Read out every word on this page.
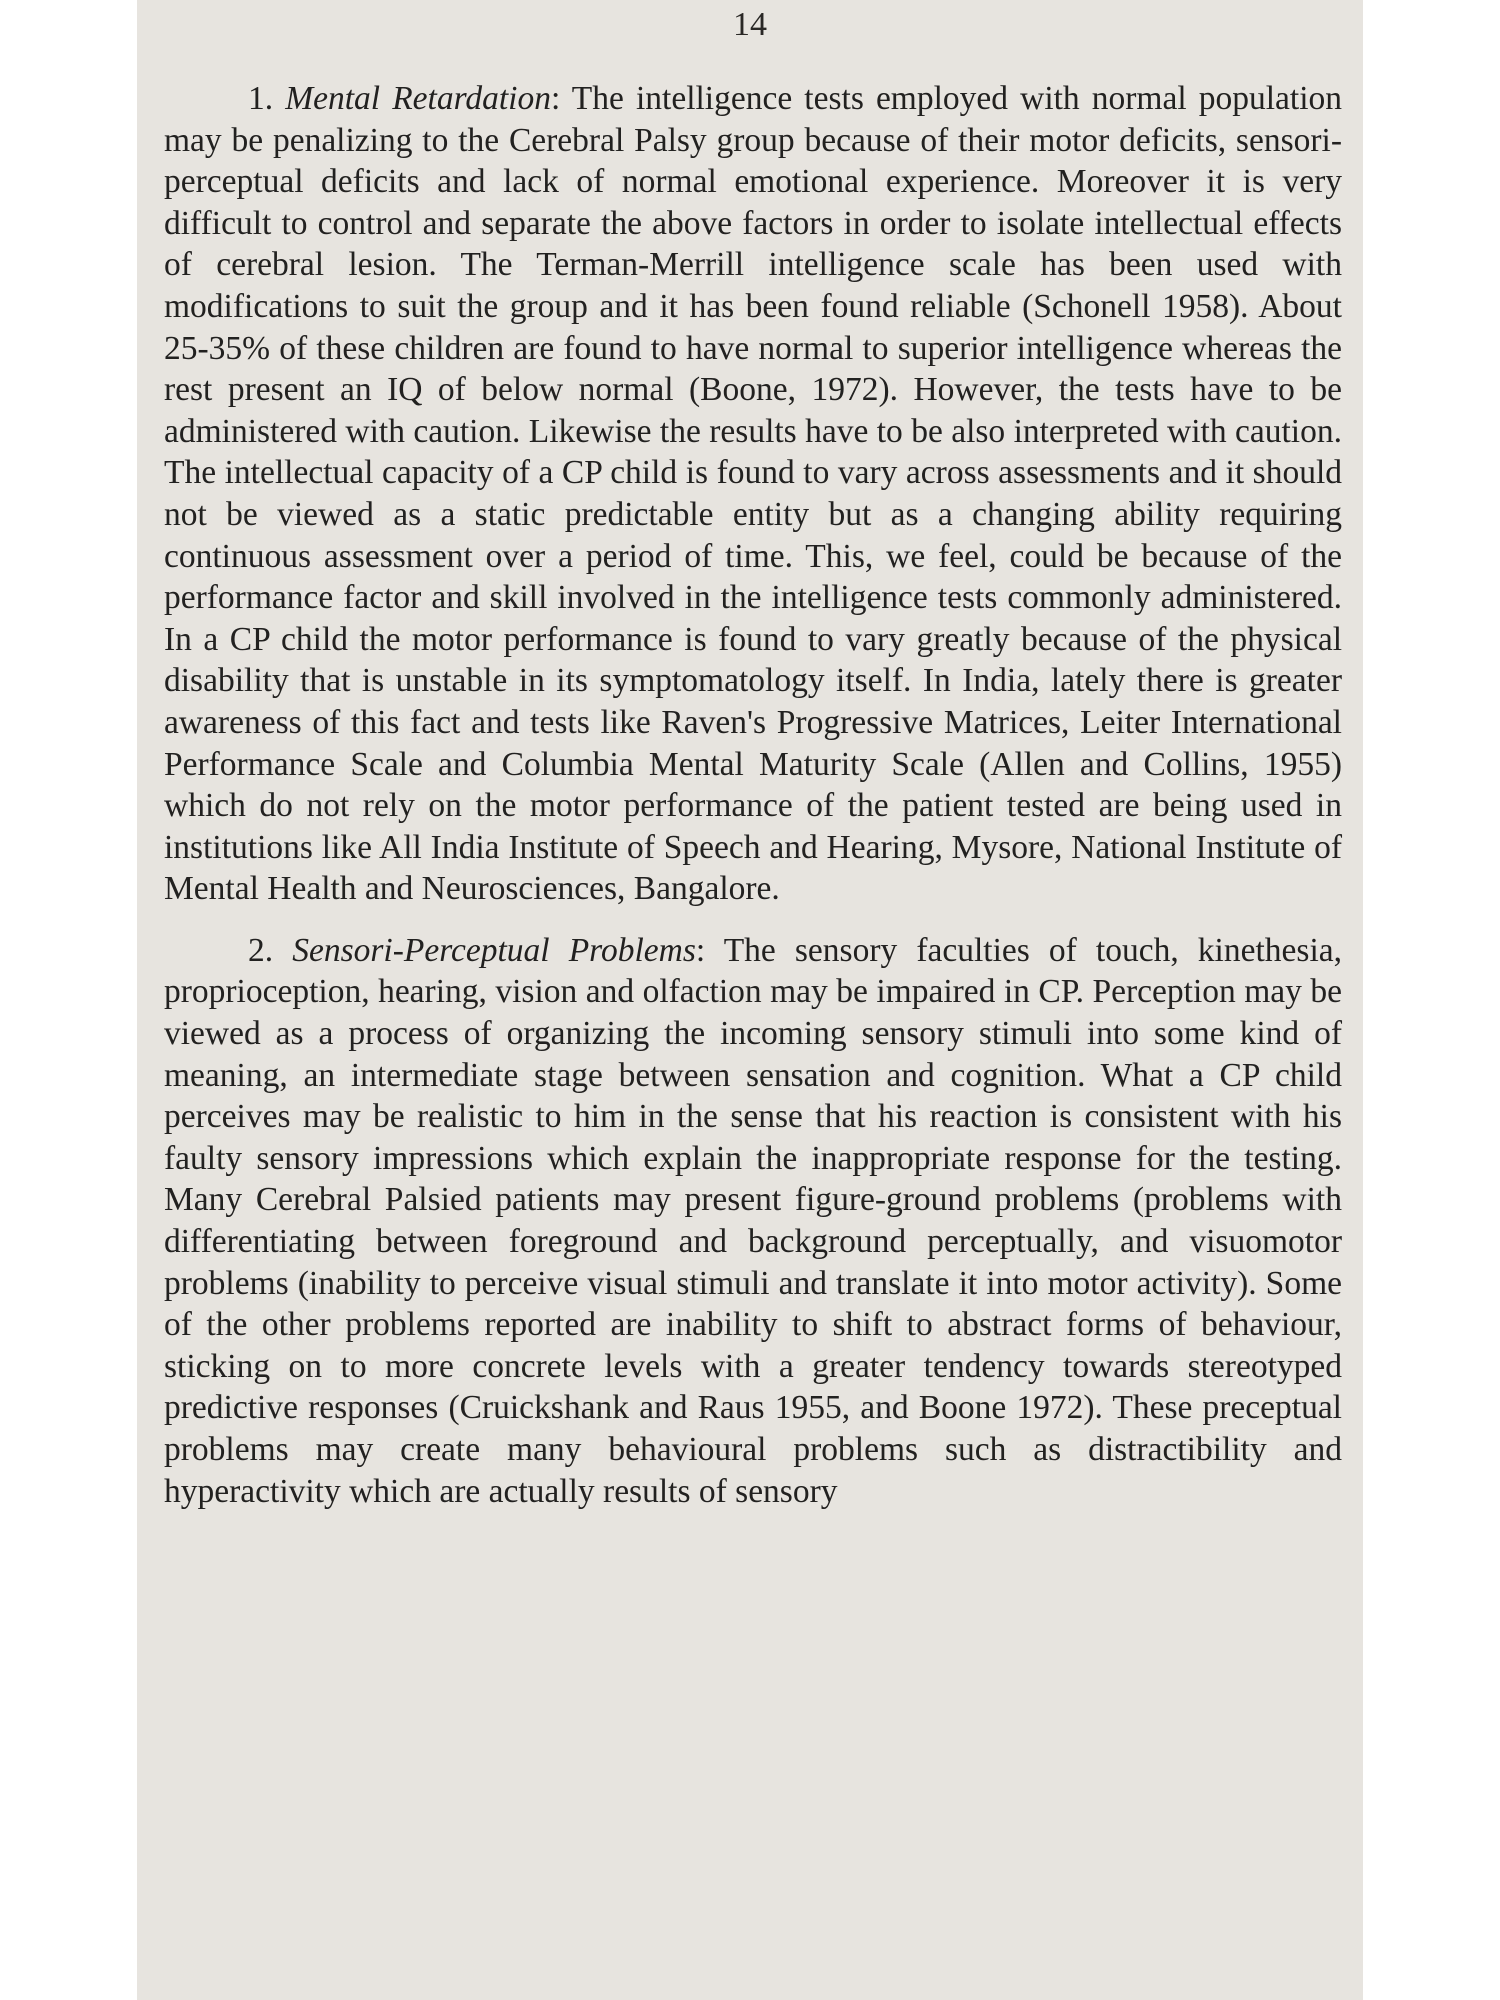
14

1. Mental Retardation: The intelligence tests employed with normal population may be penalizing to the Cerebral Palsy group because of their motor deficits, sensori-perceptual deficits and lack of normal emotional experience. Moreover it is very difficult to control and separate the above factors in order to isolate intellectual effects of cerebral lesion. The Terman-Merrill intelligence scale has been used with modifications to suit the group and it has been found reliable (Schonell 1958). About 25-35% of these children are found to have normal to superior intelligence whereas the rest present an IQ of below normal (Boone, 1972). However, the tests have to be administered with caution. Likewise the results have to be also interpreted with caution. The intellectual capacity of a CP child is found to vary across assessments and it should not be viewed as a static predictable entity but as a changing ability requiring continuous assessment over a period of time. This, we feel, could be because of the performance factor and skill involved in the intelligence tests commonly administered. In a CP child the motor performance is found to vary greatly because of the physical disability that is unstable in its symptomatology itself. In India, lately there is greater awareness of this fact and tests like Raven's Progressive Matrices, Leiter International Performance Scale and Columbia Mental Maturity Scale (Allen and Collins, 1955) which do not rely on the motor performance of the patient tested are being used in institutions like All India Institute of Speech and Hearing, Mysore, National Institute of Mental Health and Neurosciences, Bangalore.

2. Sensori-Perceptual Problems: The sensory faculties of touch, kinethesia, proprioception, hearing, vision and olfaction may be impaired in CP. Perception may be viewed as a process of organizing the incoming sensory stimuli into some kind of meaning, an intermediate stage between sensation and cognition. What a CP child perceives may be realistic to him in the sense that his reaction is consistent with his faulty sensory impressions which explain the inappropriate response for the testing. Many Cerebral Palsied patients may present figure-ground problems (problems with differentiating between foreground and background perceptually, and visuomotor problems (inability to perceive visual stimuli and translate it into motor activity). Some of the other problems reported are inability to shift to abstract forms of behaviour, sticking on to more concrete levels with a greater tendency towards stereotyped predictive responses (Cruickshank and Raus 1955, and Boone 1972). These preceptual problems may create many behavioural problems such as distractibility and hyperactivity which are actually results of sensory
